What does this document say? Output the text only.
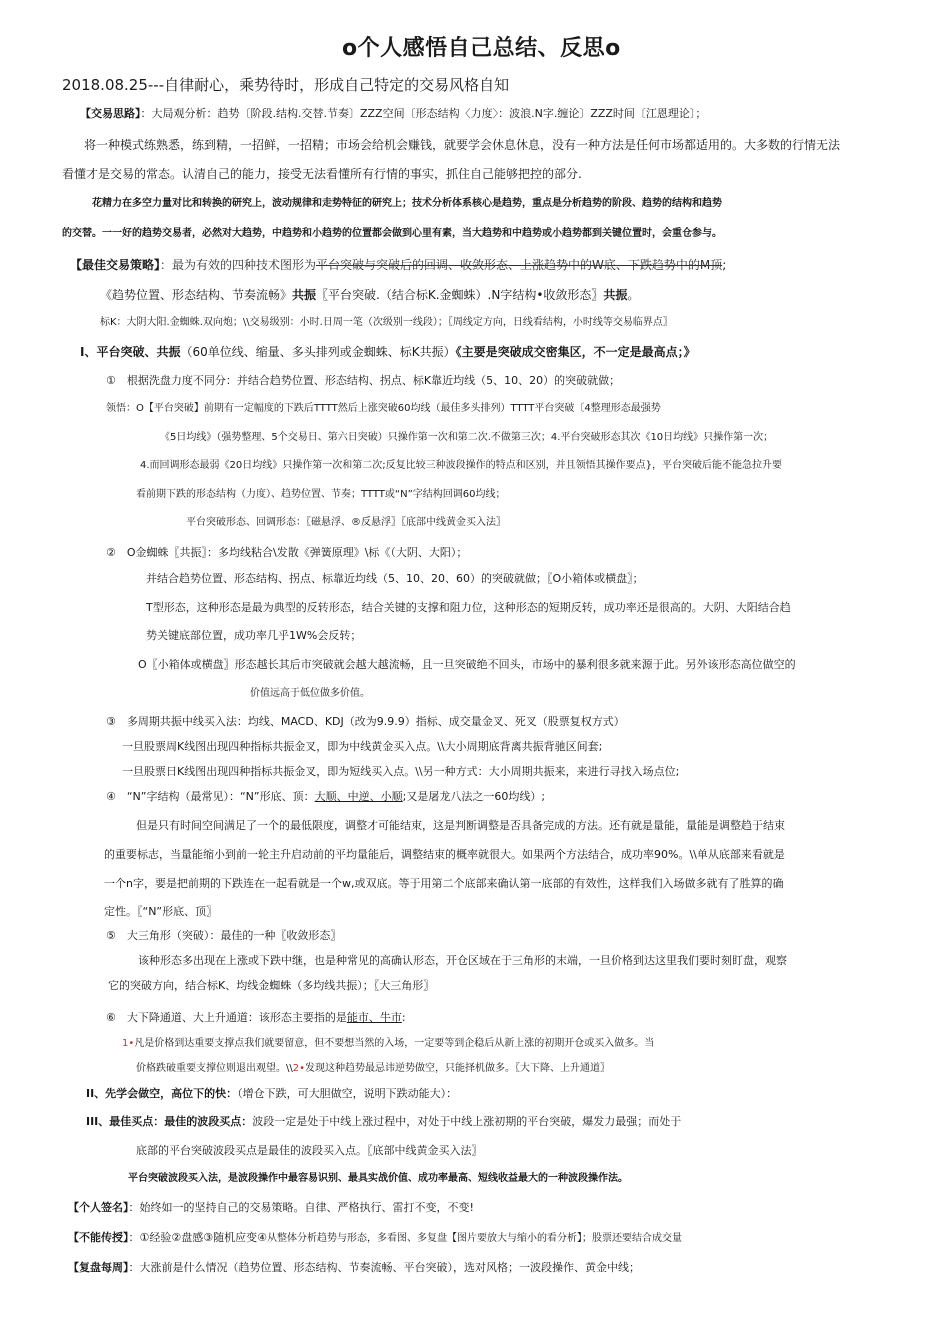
o个人感悟自己总结、反思o
2018.08.25---自律耐心，乘势待时，形成自己特定的交易风格自知
【交易思路】：大局观分析：趋势〔阶段.结构.交替.节奏〕ZZZ空间〔形态结构〈力度〉：波浪.N字.缠论〕ZZZ时间〔江恩理论〕；
将一种模式练熟悉，练到精，一招鲜，一招精；市场会给机会赚钱，就要学会休息休息，没有一种方法是任何市场都适用的。大多数的行情无法
看懂才是交易的常态。认清自己的能力，接受无法看懂所有行情的事实，抓住自己能够把控的部分.
花精力在多空力量对比和转换的研究上，波动规律和走势特征的研究上；技术分析体系核心是趋势，重点是分析趋势的阶段、趋势的结构和趋势
的交替。一一好的趋势交易者，必然对大趋势，中趋势和小趋势的位置都会做到心里有素，当大趋势和中趋势或小趋势都到关键位置时，会重仓参与。
【最佳交易策略】：最为有效的四种技术图形为平台突破与突破后的回调、收敛形态、上涨趋势中的W底、下跌趋势中的M顶;
《趋势位置、形态结构、节奏流畅》共振〖平台突破.（结合标K.金蜘蛛）.N字结构•收敛形态〗共振。
标K：大阴大阳.金蜘蛛.双向炮；\\交易级别：小时.日周一笔（次级别一线段）；〖周线定方向，日线看结构，小时线等交易临界点〗
I、平台突破、共振（60单位线、缩量、多头排列或金蜘蛛、标K共振）《主要是突破成交密集区，不一定是最高点；》
①　根据洗盘力度不同分：并结合趋势位置、形态结构、拐点、标K靠近均线（5、10、20）的突破就做；
领悟：O【平台突破】前期有一定幅度的下跌后TTTT然后上涨突破60均线（最佳多头排列）TTTT平台突破〔4整理形态最强势
《5日均线》（强势整理、5个交易日、第六日突破）只操作第一次和第二次.不做第三次；4.平台突破形态其次《10日均线》只操作第一次；
4.而回调形态最弱《20日均线》只操作第一次和第二次;反复比较三种波段操作的特点和区别，并且领悟其操作要点}，平台突破后能不能急拉升要
看前期下跌的形态结构（力度）、趋势位置、节奏；TTTT或“N”字结构回调60均线；
平台突破形态、回调形态：〖磁悬浮、®反悬浮〗〖底部中线黄金买入法〗
②　O金蜘蛛〖共振〗：多均线粘合\发散《弹簧原理》\标《（大阴、大阳）；
并结合趋势位置、形态结构、拐点、标靠近均线（5、10、20、60）的突破就做；〖O小箱体或横盘〗；
T型形态，这种形态是最为典型的反转形态，结合关键的支撑和阻力位，这种形态的短期反转，成功率还是很高的。大阴、大阳结合趋
势关键底部位置，成功率几乎1W%会反转；
O〖小箱体或横盘〗形态越长其后市突破就会越大越流畅，且一旦突破绝不回头，市场中的暴利很多就来源于此。另外该形态高位做空的
价值远高于低位做多价值。
③　多周期共振中线买入法：均线、MACD、KDJ（改为9.9.9）指标、成交量金叉、死叉（股票复权方式）
一旦股票周K线图出现四种指标共振金叉，即为中线黄金买入点。\\大小周期底背离共振背驰区间套;
一旦股票日K线图出现四种指标共振金叉，即为短线买入点。\\另一种方式：大小周期共振来，来进行寻找入场点位;
④　“N”字结构（最常见）：“N”形底、顶：大顺、中逆、小顺;又是屠龙八法之一60均线）;
但是只有时间空间满足了一个的最低限度，调整才可能结束，这是判断调整是否具备完成的方法。还有就是量能，量能是调整趋于结束
的重要标志，当量能缩小到前一轮主升启动前的平均量能后，调整结束的概率就很大。如果两个方法结合，成功率90%。\\单从底部来看就是
一个n字，要是把前期的下跌连在一起看就是一个w,或双底。等于用第二个底部来确认第一底部的有效性，这样我们入场做多就有了胜算的确
定性。〖“N”形底、顶〗
⑤　大三角形（突破）：最佳的一种〖收敛形态〗
该种形态多出现在上涨或下跌中继，也是种常见的高确认形态，开仓区域在于三角形的末端，一旦价格到达这里我们要时刻盯盘，观察
它的突破方向，结合标K、均线金蜘蛛（多均线共振）；〖大三角形〗
⑥　大下降通道、大上升通道：该形态主要指的是能市、牛市:
1•凡是价格到达重要支撑点我们就要留意，但不要想当然的入场，一定要等到企稳后从新上涨的初期开仓或买入做多。当
价格跌破重要支撑位则退出观望。\\2•发现这种趋势最忌讳逆势做空，只能择机做多。〖大下降、上升通道〗
II、先学会做空，高位下的快：（增仓下跌，可大胆做空，说明下跌动能大）：
III、最佳买点：最佳的波段买点：波段一定是处于中线上涨过程中，对处于中线上涨初期的平台突破，爆发力最强；而处于
底部的平台突破波段买点是最佳的波段买入点。〖底部中线黄金买入法〗
平台突破波段买入法，是波段操作中最容易识别、最具实战价值、成功率最高、短线收益最大的一种波段操作法。
【个人签名】：始终如一的坚持自己的交易策略。自律、严格执行、雷打不变，不变!
【不能传授】：①经验②盘感③随机应变④从整体分析趋势与形态，多看图、多复盘【图片要放大与缩小的看分析】；股票还要结合成交量
【复盘每周】：大涨前是什么情况（趋势位置、形态结构、节奏流畅、平台突破），选对风格；一波段操作、黄金中线；
